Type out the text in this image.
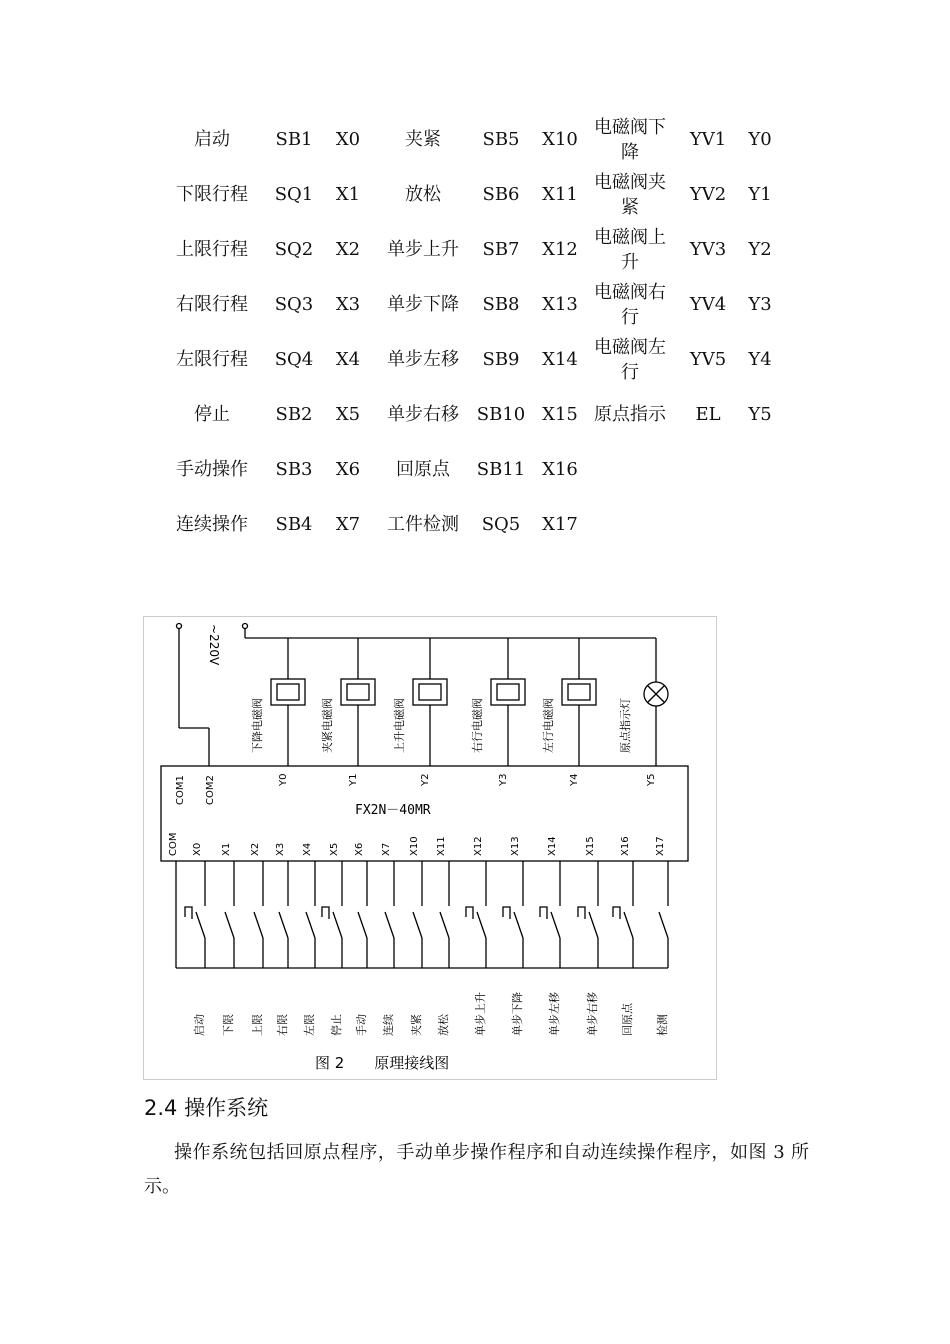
启动	SB1	X0	夹紧	SB5	X10	电磁阀下降	YV1	Y0
下限行程	SQ1	X1	放松	SB6	X11	电磁阀夹紧	YV2	Y1
上限行程	SQ2	X2	单步上升	SB7	X12	电磁阀上升	YV3	Y2
右限行程	SQ3	X3	单步下降	SB8	X13	电磁阀右行	YV4	Y3
左限行程	SQ4	X4	单步左移	SB9	X14	电磁阀左行	YV5	Y4
停止	SB2	X5	单步右移	SB10	X15	原点指示	EL	Y5
手动操作	SB3	X6	回原点	SB11	X16			
连续操作	SB4	X7	工件检测	SQ5	X17			
COM1 COM2
COM
下降电磁阀
Y0
夹紧电磁阀
Y1
上升电磁阀
Y2
右行电磁阀
Y3
左行电磁阀
Y4
原点指示灯
Y5
X0
启动
X1
下限
X2
上限
X3
右限
X4
左限
X5
停止
X6
手动
X7
连续
X10
夹紧
X11
放松
X12
单步上升
X13
单步下降
X14
单步左移
X15
单步右移
X16
回原点
X17
检测
~220V
FX2N－40MR
图 2　　原理接线图
2.4 操作系统
操作系统包括回原点程序，手动单步操作程序和自动连续操作程序，如图 3 所示。
